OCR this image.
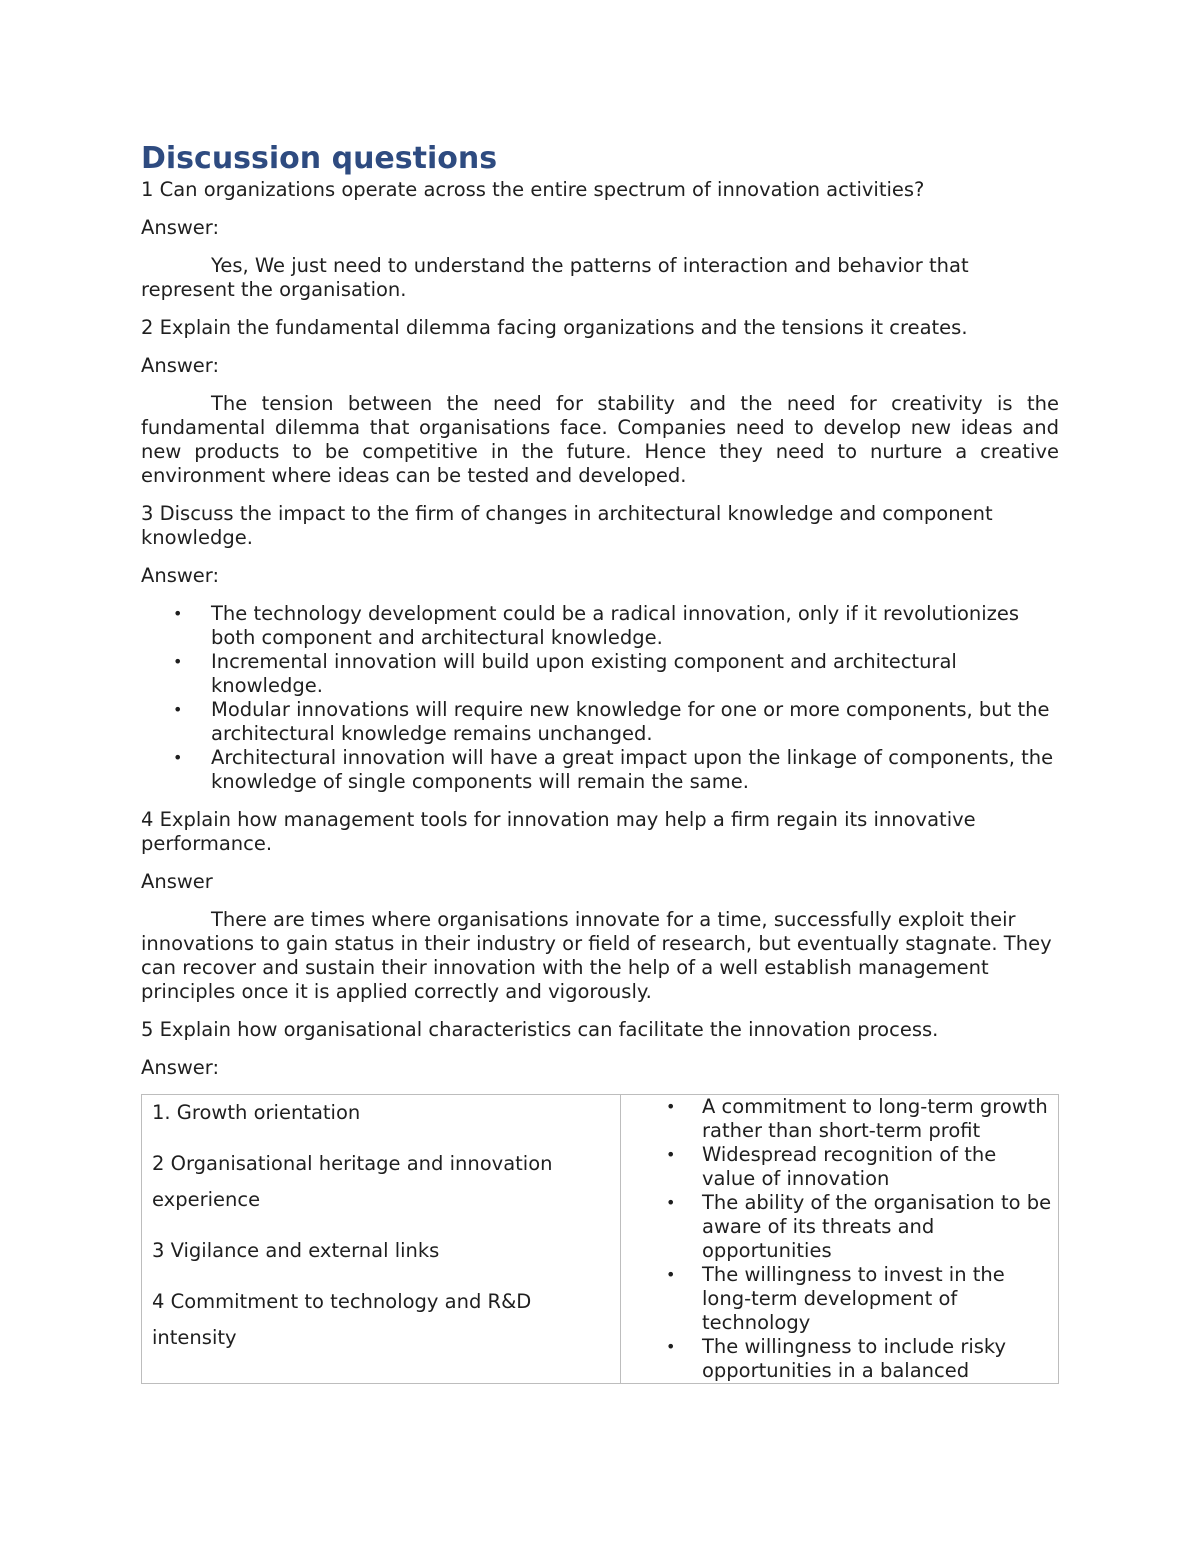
Discussion questions

1 Can organizations operate across the entire spectrum of innovation activities?

Answer:

Yes, We just need to understand the patterns of interaction and behavior that represent the organisation.

2 Explain the fundamental dilemma facing organizations and the tensions it creates.

Answer:

The tension between the need for stability and the need for creativity is the fundamental dilemma that organisations face. Companies need to develop new ideas and new products to be competitive in the future. Hence they need to nurture a creative environment where ideas can be tested and developed.

3 Discuss the impact to the firm of changes in architectural knowledge and component knowledge.

Answer:

• The technology development could be a radical innovation, only if it revolutionizes both component and architectural knowledge.
• Incremental innovation will build upon existing component and architectural knowledge.
• Modular innovations will require new knowledge for one or more components, but the architectural knowledge remains unchanged.
• Architectural innovation will have a great impact upon the linkage of components, the knowledge of single components will remain the same.

4 Explain how management tools for innovation may help a firm regain its innovative performance.

Answer

There are times where organisations innovate for a time, successfully exploit their innovations to gain status in their industry or field of research, but eventually stagnate. They can recover and sustain their innovation with the help of a well establish management principles once it is applied correctly and vigorously.

5 Explain how organisational characteristics can facilitate the innovation process.

Answer:

1. Growth orientation
2 Organisational heritage and innovation experience
3 Vigilance and external links
4 Commitment to technology and R&D intensity

• A commitment to long-term growth rather than short-term profit
• Widespread recognition of the value of innovation
• The ability of the organisation to be aware of its threats and opportunities
• The willingness to invest in the long-term development of technology
• The willingness to include risky opportunities in a balanced
